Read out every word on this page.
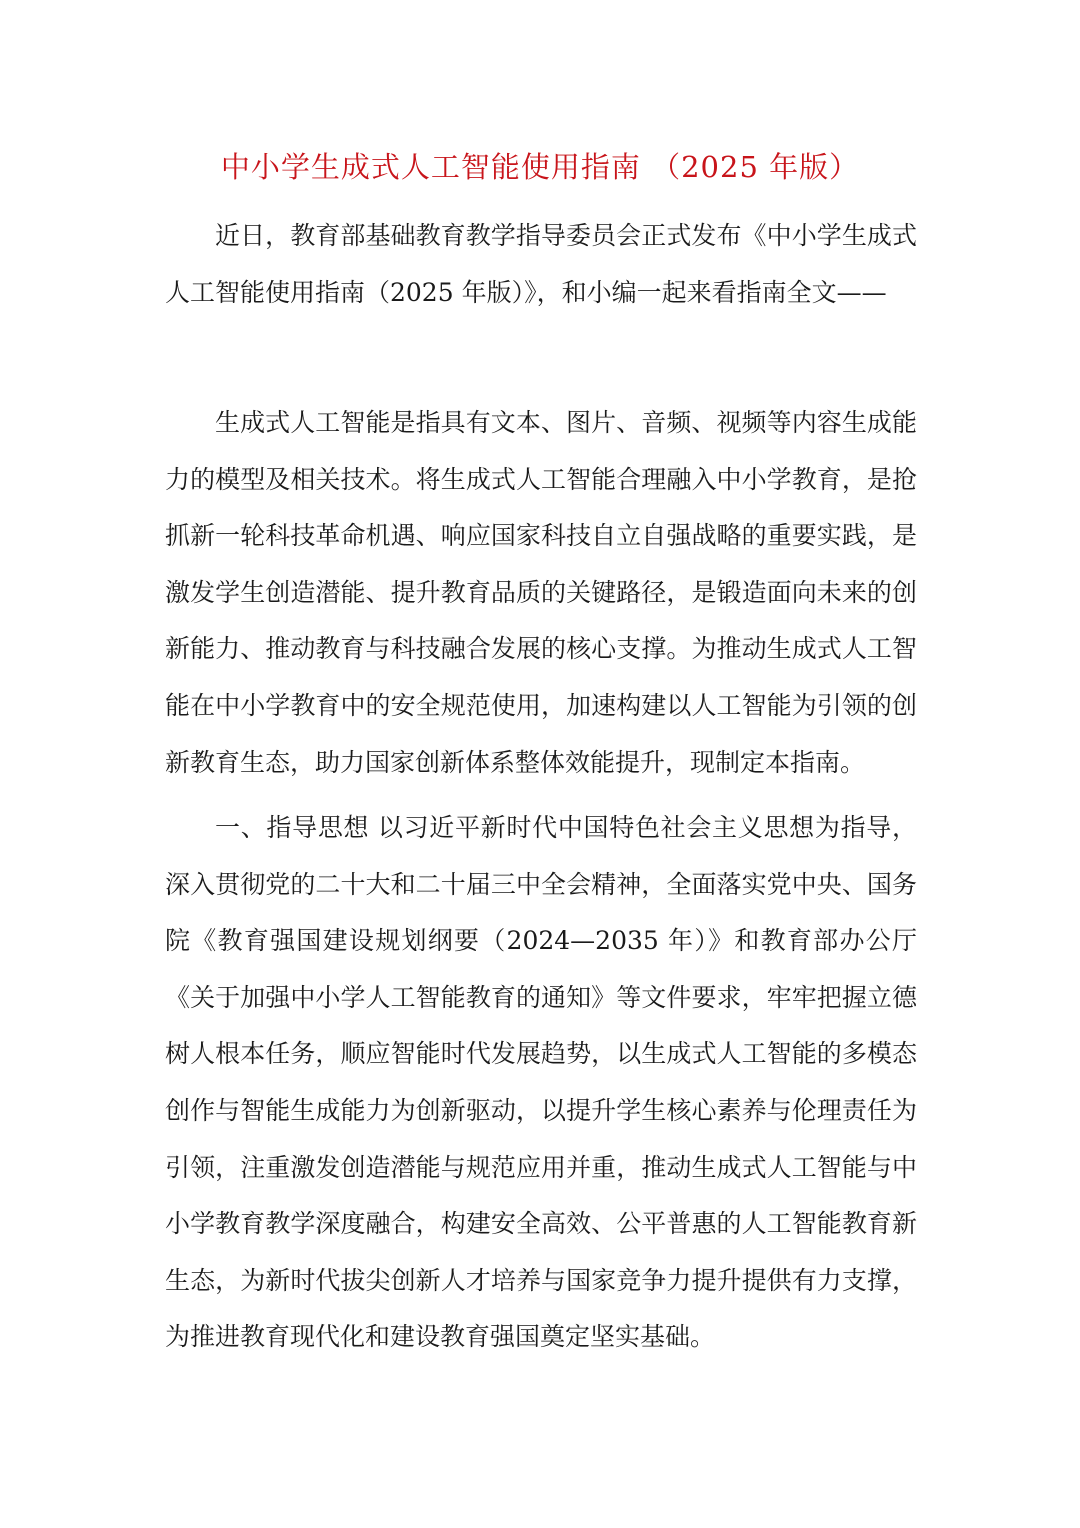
中小学生成式人工智能使用指南 （2025 年版）

近日，教育部基础教育教学指导委员会正式发布《中小学生成式人工智能使用指南（2025 年版）》，和小编一起来看指南全文——

生成式人工智能是指具有文本、图片、音频、视频等内容生成能力的模型及相关技术。将生成式人工智能合理融入中小学教育，是抢抓新一轮科技革命机遇、响应国家科技自立自强战略的重要实践，是激发学生创造潜能、提升教育品质的关键路径，是锻造面向未来的创新能力、推动教育与科技融合发展的核心支撑。为推动生成式人工智能在中小学教育中的安全规范使用，加速构建以人工智能为引领的创新教育生态，助力国家创新体系整体效能提升，现制定本指南。

一、指导思想 以习近平新时代中国特色社会主义思想为指导，深入贯彻党的二十大和二十届三中全会精神，全面落实党中央、国务院《教育强国建设规划纲要（2024—2035 年）》和教育部办公厅《关于加强中小学人工智能教育的通知》等文件要求，牢牢把握立德树人根本任务，顺应智能时代发展趋势，以生成式人工智能的多模态创作与智能生成能力为创新驱动，以提升学生核心素养与伦理责任为引领，注重激发创造潜能与规范应用并重，推动生成式人工智能与中小学教育教学深度融合，构建安全高效、公平普惠的人工智能教育新生态，为新时代拔尖创新人才培养与国家竞争力提升提供有力支撑，为推进教育现代化和建设教育强国奠定坚实基础。
